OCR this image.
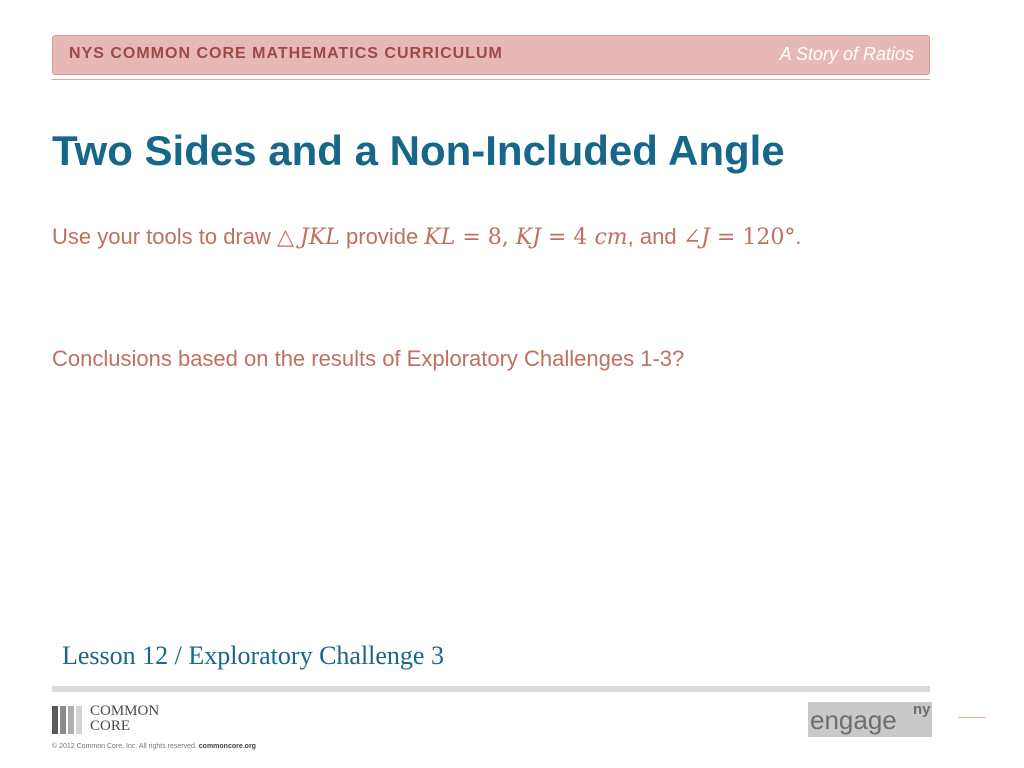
NYS COMMON CORE MATHEMATICS CURRICULUM	A Story of Ratios
Two Sides and a Non-Included Angle
Use your tools to draw △ JKL provide KL = 8, KJ = 4 cm, and ∠J = 120°.
Conclusions based on the results of Exploratory Challenges 1-3?
Lesson 12 / Exploratory Challenge 3
COMMON
CORE
© 2012 Common Core, Inc. All rights reserved. commoncore.org
engage ny
